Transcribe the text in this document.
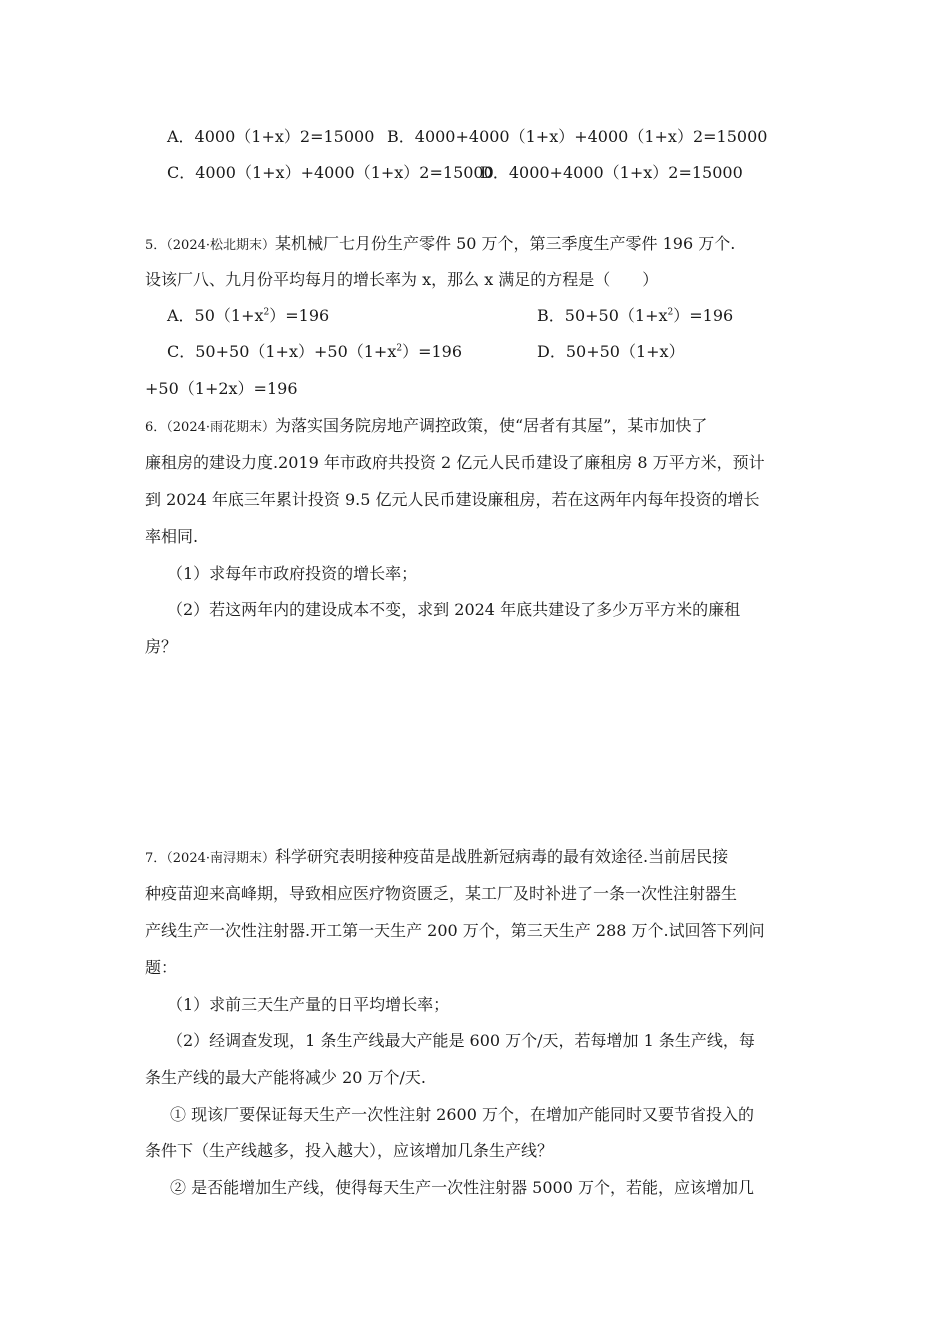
A．4000（1+x）2=15000 B．4000+4000（1+x）+4000（1+x）2=15000
C．4000（1+x）+4000（1+x）2=15000
D．4000+4000（1+x）2=15000
5．（2024·松北期末）某机械厂七月份生产零件 50 万个，第三季度生产零件 196 万个.
设该厂八、九月份平均每月的增长率为 x，那么 x 满足的方程是（　　）
A．$50(1+x^2)=196$	B．$50+50(1+x^2)=196$
C．$50+50(1+x)+50(1+x^2)=196$	D．50+50（1+x）
+50（1+2x）=196
6．（2024·雨花期末）为落实国务院房地产调控政策，使“居者有其屋”，某市加快了
廉租房的建设力度.2019 年市政府共投资 2 亿元人民币建设了廉租房 8 万平方米，预计
到 2024 年底三年累计投资 9.5 亿元人民币建设廉租房，若在这两年内每年投资的增长
率相同.
（1）求每年市政府投资的增长率；
（2）若这两年内的建设成本不变，求到 2024 年底共建设了多少万平方米的廉租
房？
7．（2024·南浔期末）科学研究表明接种疫苗是战胜新冠病毒的最有效途径.当前居民接
种疫苗迎来高峰期，导致相应医疗物资匮乏，某工厂及时补进了一条一次性注射器生
产线生产一次性注射器.开工第一天生产 200 万个，第三天生产 288 万个.试回答下列问
题：
（1）求前三天生产量的日平均增长率；
（2）经调查发现，1 条生产线最大产能是 600 万个/天，若每增加 1 条生产线，每
条生产线的最大产能将减少 20 万个/天.
① 现该厂要保证每天生产一次性注射 2600 万个，在增加产能同时又要节省投入的
条件下（生产线越多，投入越大），应该增加几条生产线？
② 是否能增加生产线，使得每天生产一次性注射器 5000 万个，若能，应该增加几
